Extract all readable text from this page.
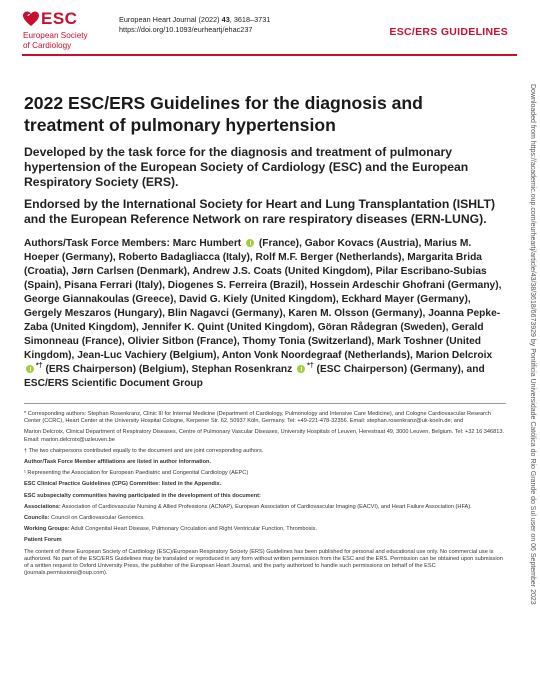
ESC
European Society
of Cardiology
European Heart Journal (2022) 43, 3618–3731
https://doi.org/10.1093/eurheartj/ehac237	ESC/ERS GUIDELINES
Downloaded from https://academic.oup.com/eurheartj/article/43/38/3618/6673929 by Pontificia Universidade Católica do Rio Grande do Sul user on 06 September 2023
2022 ESC/ERS Guidelines for the diagnosis and treatment of pulmonary hypertension

Developed by the task force for the diagnosis and treatment of pulmonary hypertension of the European Society of Cardiology (ESC) and the European Respiratory Society (ERS).

Endorsed by the International Society for Heart and Lung Transplantation (ISHLT) and the European Reference Network on rare respiratory diseases (ERN-LUNG).

Authors/Task Force Members: Marc Humbert  (France), Gabor Kovacs (Austria), Marius M. Hoeper (Germany), Roberto Badagliacca (Italy), Rolf M.F. Berger (Netherlands), Margarita Brida (Croatia), Jørn Carlsen (Denmark), Andrew J.S. Coats (United Kingdom), Pilar Escribano-Subias (Spain), Pisana Ferrari (Italy), Diogenes S. Ferreira (Brazil), Hossein Ardeschir Ghofrani (Germany), George Giannakoulas (Greece), David G. Kiely (United Kingdom), Eckhard Mayer (Germany), Gergely Meszaros (Hungary), Blin Nagavci (Germany), Karen M. Olsson (Germany), Joanna Pepke-Zaba (United Kingdom), Jennifer K. Quint (United Kingdom), Göran Rådegran (Sweden), Gerald Simonneau (France), Olivier Sitbon (France), Thomy Tonia (Switzerland), Mark Toshner (United Kingdom), Jean-Luc Vachiery (Belgium), Anton Vonk Noordegraaf (Netherlands), Marion Delcroix *† (ERS Chairperson) (Belgium), Stephan Rosenkranz *† (ESC Chairperson) (Germany), and ESC/ERS Scientific Document Group

* Corresponding authors: Stephan Rosenkranz, Clinic III for Internal Medicine (Department of Cardiology, Pulmonology and Intensive Care Medicine), and Cologne Cardiovascular Research Center (CCRC), Heart Center at the University Hospital Cologne, Kerpener Str. 62, 50937 Köln, Germany. Tel: +49-221-478-32356. Email: stephan.rosenkranz@uk-koeln.de; and

Marion Delcroix, Clinical Department of Respiratory Diseases, Centre of Pulmonary Vascular Diseases, University Hospitals of Leuven, Herestraat 49, 3000 Leuven, Belgium. Tel: +32 16 346813. Email: marion.delcroix@uzleuven.be

† The two chairpersons contributed equally to the document and are joint corresponding authors.

Author/Task Force Member affiliations are listed in author information.

¹ Representing the Association for European Paediatric and Congenital Cardiology (AEPC)

ESC Clinical Practice Guidelines (CPG) Committee: listed in the Appendix.

ESC subspecialty communities having participated in the development of this document:

Associations: Association of Cardiovascular Nursing & Allied Professions (ACNAP), European Association of Cardiovascular Imaging (EACVI), and Heart Failure Association (HFA).

Councils: Council on Cardiovascular Genomics.

Working Groups: Adult Congenital Heart Disease, Pulmonary Circulation and Right Ventricular Function, Thrombosis.

Patient Forum

The content of these European Society of Cardiology (ESC)/European Respiratory Society (ERS) Guidelines has been published for personal and educational use only. No commercial use is authorized. No part of the ESC/ERS Guidelines may be translated or reproduced in any form without written permission from the ESC and the ERS. Permission can be obtained upon submission of a written request to Oxford University Press, the publisher of the European Heart Journal, and the party authorized to handle such permissions on behalf of the ESC (journals.permissions@oup.com).
